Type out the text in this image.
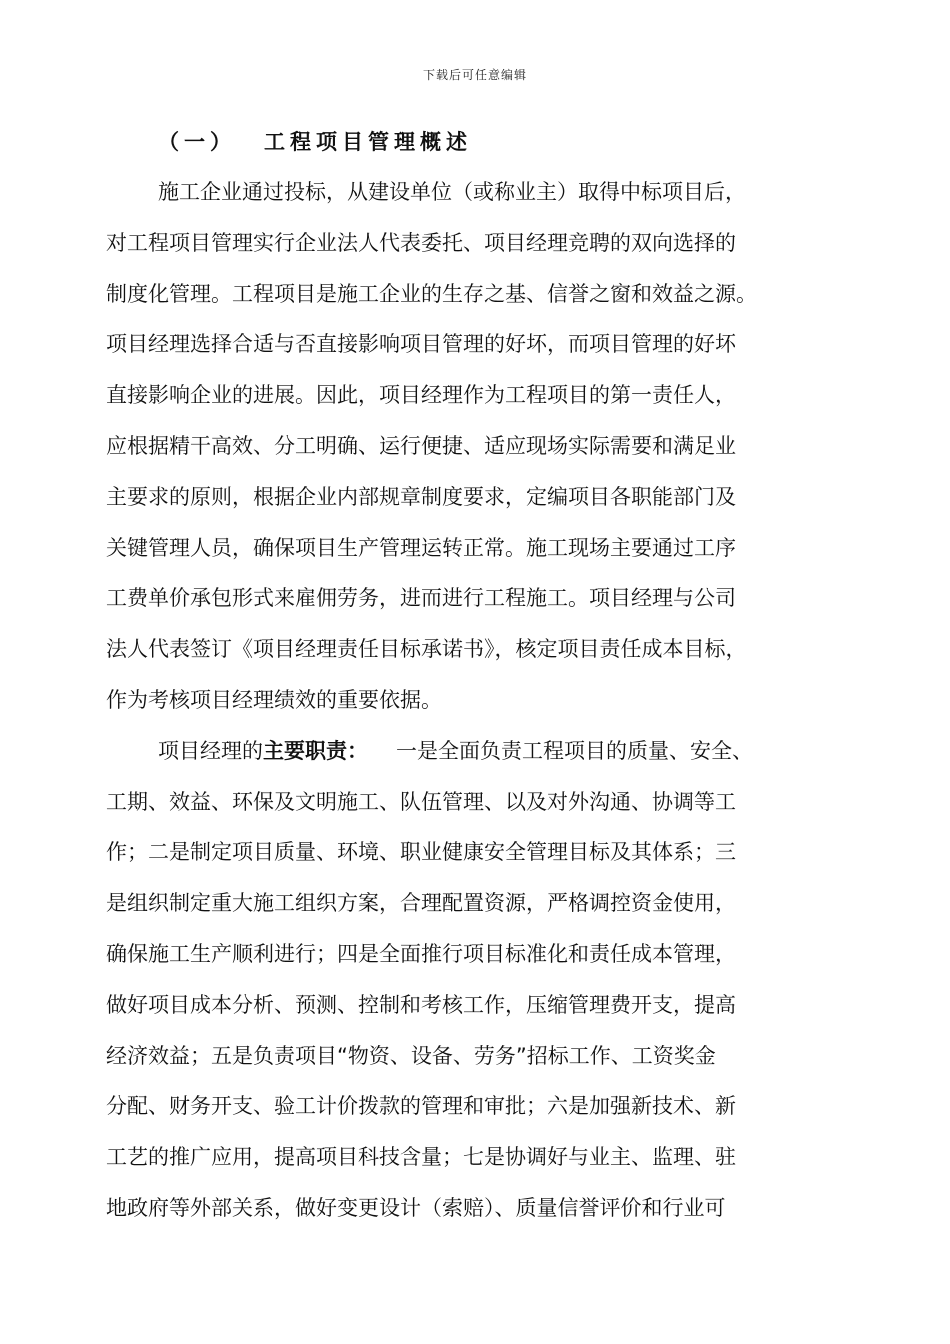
下载后可任意编辑
（一） 工程项目管理概述
施工企业通过投标，从建设单位（或称业主）取得中标项目后，
对工程项目管理实行企业法人代表委托、项目经理竞聘的双向选择的
制度化管理。工程项目是施工企业的生存之基、信誉之窗和效益之源。
项目经理选择合适与否直接影响项目管理的好坏，而项目管理的好坏
直接影响企业的进展。因此，项目经理作为工程项目的第一责任人，
应根据精干高效、分工明确、运行便捷、适应现场实际需要和满足业
主要求的原则，根据企业内部规章制度要求，定编项目各职能部门及
关键管理人员，确保项目生产管理运转正常。施工现场主要通过工序
工费单价承包形式来雇佣劳务，进而进行工程施工。项目经理与公司
法人代表签订《项目经理责任目标承诺书》，核定项目责任成本目标，
作为考核项目经理绩效的重要依据。
项目经理的主要职责： 一是全面负责工程项目的质量、安全、
工期、效益、环保及文明施工、队伍管理、以及对外沟通、协调等工
作；二是制定项目质量、环境、职业健康安全管理目标及其体系；三
是组织制定重大施工组织方案，合理配置资源，严格调控资金使用，
确保施工生产顺利进行；四是全面推行项目标准化和责任成本管理，
做好项目成本分析、预测、控制和考核工作，压缩管理费开支，提高
经济效益；五是负责项目“物资、设备、劳务”招标工作、工资奖金
分配、财务开支、验工计价拨款的管理和审批；六是加强新技术、新
工艺的推广应用，提高项目科技含量；七是协调好与业主、监理、驻
地政府等外部关系，做好变更设计（索赔）、质量信誉评价和行业可
